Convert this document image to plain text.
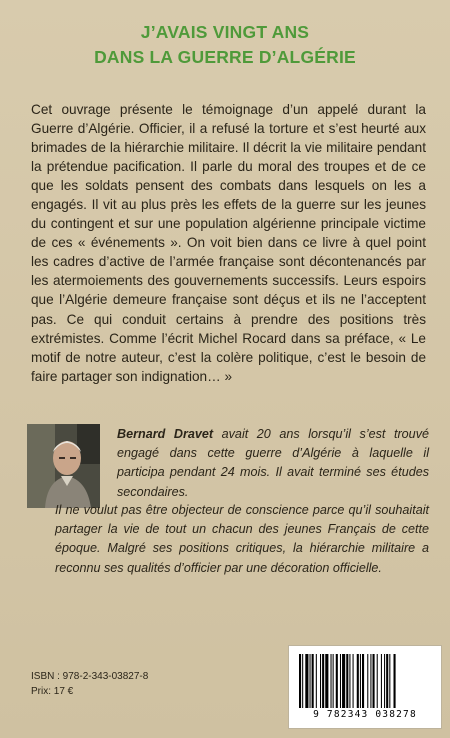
J’AVAIS VINGT ANS
DANS LA GUERRE D’ALGÉRIE

Cet ouvrage présente le témoignage d’un appelé durant la Guerre d’Algérie. Officier, il a refusé la torture et s’est heurté aux brimades de la hiérarchie militaire. Il décrit la vie militaire pendant la prétendue pacification. Il parle du moral des troupes et de ce que les soldats pensent des combats dans lesquels on les a engagés. Il vit au plus près les effets de la guerre sur les jeunes du contingent et sur une population algérienne principale victime de ces « événements ». On voit bien dans ce livre à quel point les cadres d’active de l’armée française sont décontenancés par les atermoiements des gouvernements successifs. Leurs espoirs que l’Algérie demeure française sont déçus et ils ne l’acceptent pas. Ce qui conduit certains à prendre des positions très extrémistes. Comme l’écrit Michel Rocard dans sa préface, « Le motif de notre auteur, c’est la colère politique, c’est le besoin de faire partager son indignation… »

Bernard Dravet avait 20 ans lorsqu’il s’est trouvé engagé dans cette guerre d’Algérie à laquelle il participa pendant 24 mois. Il avait terminé ses études secondaires.
Il ne voulut pas être objecteur de conscience parce qu’il souhaitait partager la vie de tout un chacun des jeunes Français de cette époque. Malgré ses positions critiques, la hiérarchie militaire a reconnu ses qualités d’officier par une décoration officielle.
ISBN : 978-2-343-03827-8
Prix: 17 €
9 782343 038278
